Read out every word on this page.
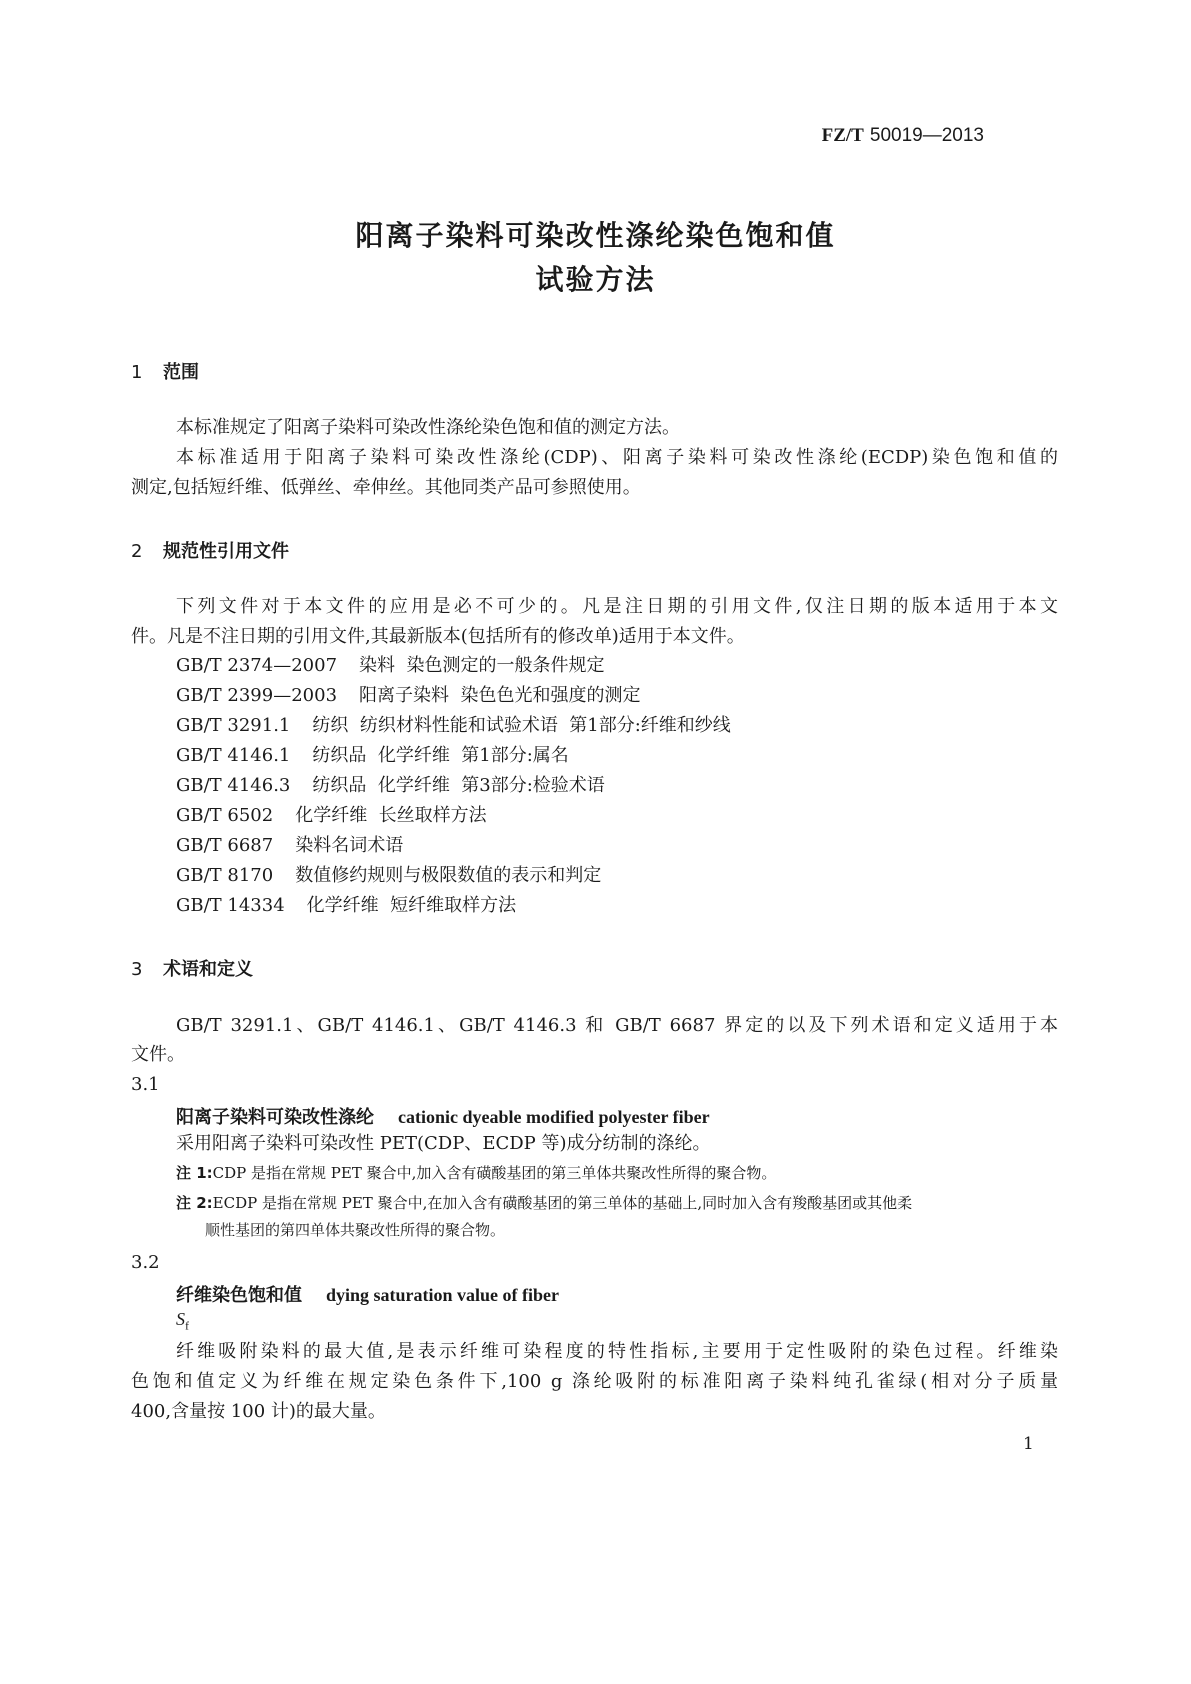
FZ/T 50019—2013
阳离子染料可染改性涤纶染色饱和值
试验方法
1 范围
本标准规定了阳离子染料可染改性涤纶染色饱和值的测定方法。
本标准适用于阳离子染料可染改性涤纶(CDP)、阳离子染料可染改性涤纶(ECDP)染色饱和值的
测定,包括短纤维、低弹丝、牵伸丝。其他同类产品可参照使用。
2 规范性引用文件
下列文件对于本文件的应用是必不可少的。凡是注日期的引用文件,仅注日期的版本适用于本文
件。凡是不注日期的引用文件,其最新版本(包括所有的修改单)适用于本文件。
GB/T 2374—2007 染料  染色测定的一般条件规定
GB/T 2399—2003 阳离子染料  染色色光和强度的测定
GB/T 3291.1 纺织  纺织材料性能和试验术语  第1部分:纤维和纱线
GB/T 4146.1 纺织品  化学纤维  第1部分:属名
GB/T 4146.3 纺织品  化学纤维  第3部分:检验术语
GB/T 6502 化学纤维  长丝取样方法
GB/T 6687 染料名词术语
GB/T 8170 数值修约规则与极限数值的表示和判定
GB/T 14334 化学纤维  短纤维取样方法
3 术语和定义
GB/T 3291.1、GB/T 4146.1、GB/T 4146.3 和 GB/T 6687 界定的以及下列术语和定义适用于本
文件。
3.1
阳离子染料可染改性涤纶 cationic dyeable modified polyester fiber
采用阳离子染料可染改性 PET(CDP、ECDP 等)成分纺制的涤纶。
注 1:CDP 是指在常规 PET 聚合中,加入含有磺酸基团的第三单体共聚改性所得的聚合物。
注 2:ECDP 是指在常规 PET 聚合中,在加入含有磺酸基团的第三单体的基础上,同时加入含有羧酸基团或其他柔
顺性基团的第四单体共聚改性所得的聚合物。
3.2
纤维染色饱和值 dying saturation value of fiber
$S_f$
纤维吸附染料的最大值,是表示纤维可染程度的特性指标,主要用于定性吸附的染色过程。纤维染
色饱和值定义为纤维在规定染色条件下,100 g 涤纶吸附的标准阳离子染料纯孔雀绿(相对分子质量
400,含量按 100 计)的最大量。
1
